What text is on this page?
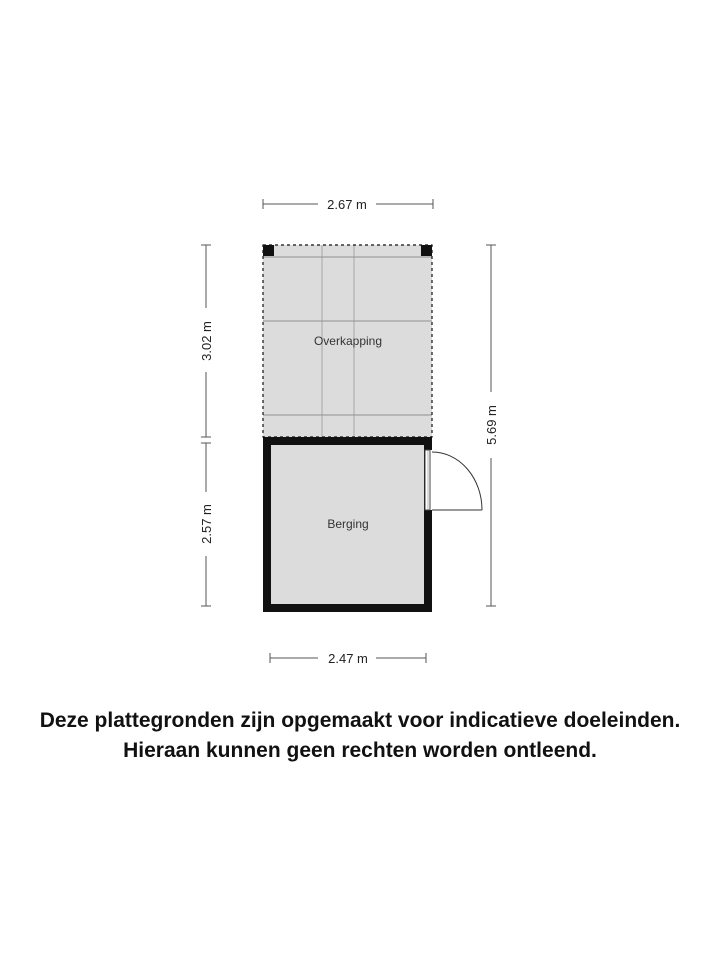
2.67 m
3.02 m
2.57 m
5.69 m
Overkapping
Berging
2.47 m
Deze plattegronden zijn opgemaakt voor indicatieve doeleinden.
Hieraan kunnen geen rechten worden ontleend.
